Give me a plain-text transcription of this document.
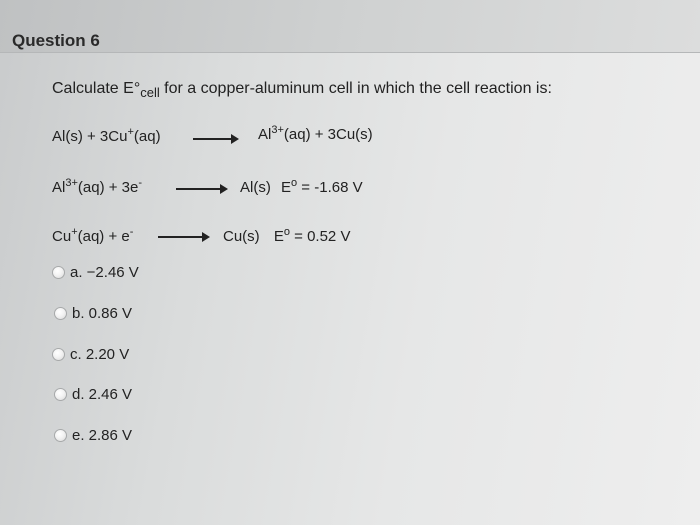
Question 6
Calculate $E^\circ_{cell}$ for a copper-aluminum cell in which the cell reaction is:
Al(s) + 3Cu+(aq)	$Al^{3+}(aq) + 3Cu(s)$
$Al^{3+}(aq) + 3e^-$	Al(s) $E^o = -1.68$ V
Cu+(aq) + e-	Cu(s) $E^o = 0.52$ V
a. −2.46 V
b. 0.86 V
c. 2.20 V
d. 2.46 V
e. 2.86 V
